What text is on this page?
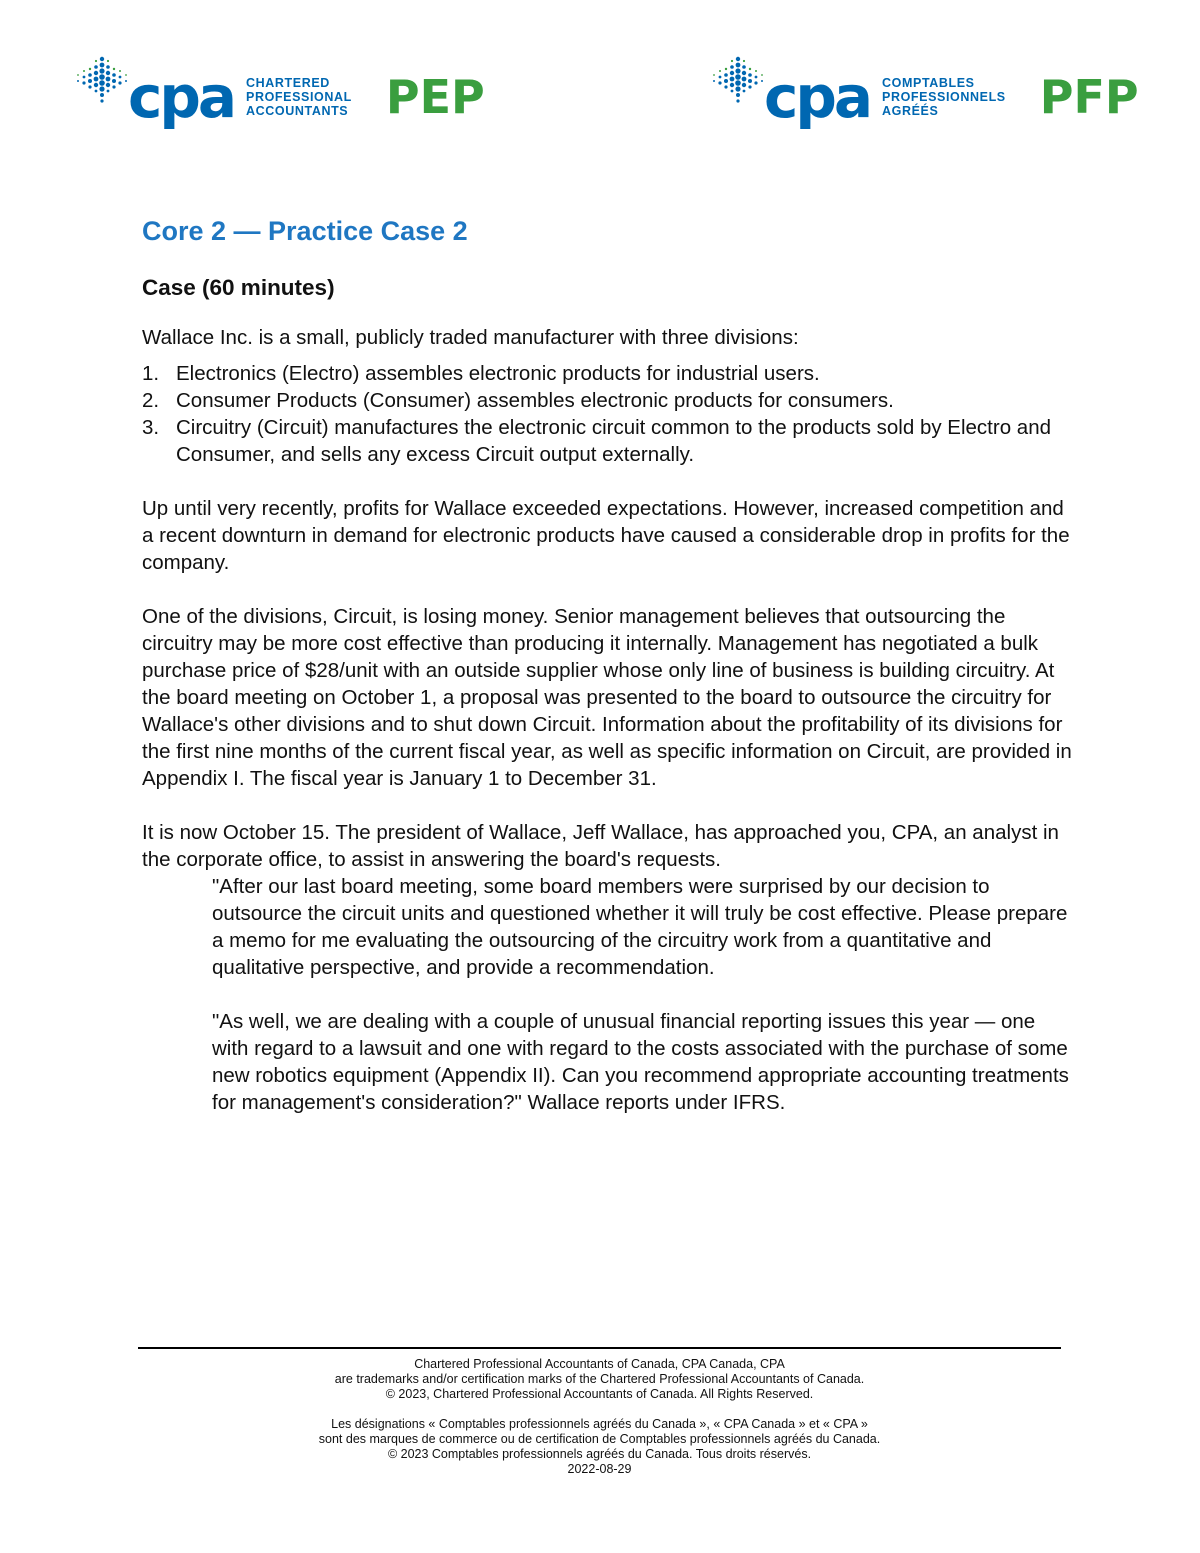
cpa CHARTERED
PROFESSIONAL
ACCOUNTANTS PEP	cpa COMPTABLES
PROFESSIONNELS
AGRÉÉS	PFP
Core 2 — Practice Case 2
Case (60 minutes)

Wallace Inc. is a small, publicly traded manufacturer with three divisions:

1. Electronics (Electro) assembles electronic products for industrial users.
2. Consumer Products (Consumer) assembles electronic products for consumers.
3. Circuitry (Circuit) manufactures the electronic circuit common to the products sold by Electro and Consumer, and sells any excess Circuit output externally.

Up until very recently, profits for Wallace exceeded expectations. However, increased competition and a recent downturn in demand for electronic products have caused a considerable drop in profits for the company.

One of the divisions, Circuit, is losing money. Senior management believes that outsourcing the circuitry may be more cost effective than producing it internally. Management has negotiated a bulk purchase price of $28/unit with an outside supplier whose only line of business is building circuitry. At the board meeting on October 1, a proposal was presented to the board to outsource the circuitry for Wallace's other divisions and to shut down Circuit. Information about the profitability of its divisions for the first nine months of the current fiscal year, as well as specific information on Circuit, are provided in Appendix I. The fiscal year is January 1 to December 31.

It is now October 15. The president of Wallace, Jeff Wallace, has approached you, CPA, an analyst in the corporate office, to assist in answering the board's requests.

"After our last board meeting, some board members were surprised by our decision to outsource the circuit units and questioned whether it will truly be cost effective. Please prepare a memo for me evaluating the outsourcing of the circuitry work from a quantitative and qualitative perspective, and provide a recommendation.

"As well, we are dealing with a couple of unusual financial reporting issues this year — one with regard to a lawsuit and one with regard to the costs associated with the purchase of some new robotics equipment (Appendix II). Can you recommend appropriate accounting treatments for management's consideration?" Wallace reports under IFRS.

Chartered Professional Accountants of Canada, CPA Canada, CPA
are trademarks and/or certification marks of the Chartered Professional Accountants of Canada.
© 2023, Chartered Professional Accountants of Canada. All Rights Reserved.
Les désignations « Comptables professionnels agréés du Canada », « CPA Canada » et « CPA »
sont des marques de commerce ou de certification de Comptables professionnels agréés du Canada.
© 2023 Comptables professionnels agréés du Canada. Tous droits réservés.
2022-08-29
